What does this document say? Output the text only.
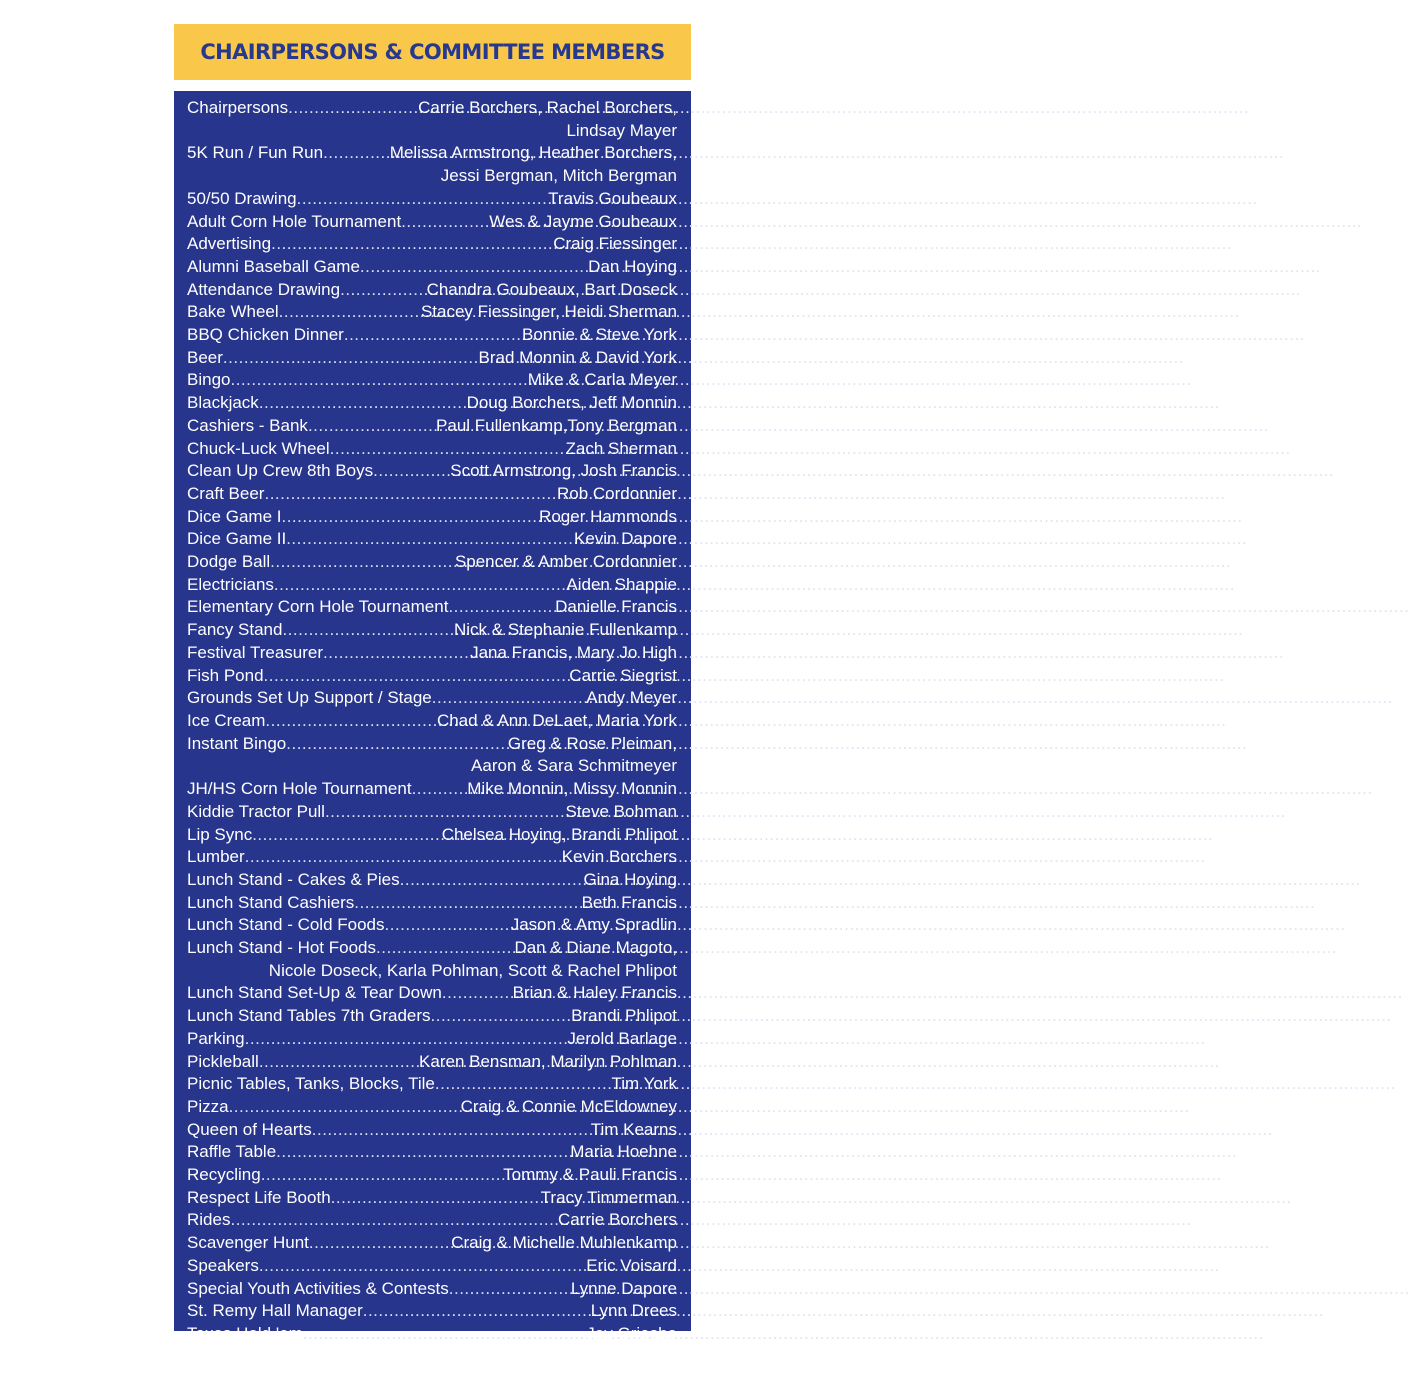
CHAIRPERSONS & COMMITTEE MEMBERS
Chairpersons .....	Carrie Borchers, Rachel Borchers,
Lindsay Mayer
5K Run / Fun Run .....	Melissa Armstrong, Heather Borchers,
Jessi Bergman, Mitch Bergman
50/50 Drawing .....	Travis Goubeaux
Adult Corn Hole Tournament .....	Wes & Jayme Goubeaux
Advertising .....	Craig Fiessinger
Alumni Baseball Game .....	Dan Hoying
Attendance Drawing .....	Chandra Goubeaux, Bart Doseck
Bake Wheel .....	Stacey Fiessinger, Heidi Sherman
BBQ Chicken Dinner .....	Bonnie & Steve York
Beer .....	Brad Monnin & David York
Bingo .....	Mike & Carla Meyer
Blackjack .....	Doug Borchers, Jeff Monnin
Cashiers - Bank .....	Paul Fullenkamp,Tony Bergman
Chuck-Luck Wheel .....	Zach Sherman
Clean Up Crew 8th Boys .....	Scott Armstrong, Josh Francis
Craft Beer .....	Rob Cordonnier
Dice Game I .....	Roger Hammonds
Dice Game II .....	Kevin Dapore
Dodge Ball .....	Spencer & Amber Cordonnier
Electricians .....	Aiden Shappie
Elementary Corn Hole Tournament .....	Danielle Francis
Fancy Stand .....	Nick & Stephanie Fullenkamp
Festival Treasurer .....	Jana Francis, Mary Jo High
Fish Pond .....	Carrie Siegrist
Grounds Set Up Support / Stage .....	Andy Meyer
Ice Cream .....	Chad & Ann DeLaet, Maria York
Instant Bingo .....	Greg & Rose Pleiman,
Aaron & Sara Schmitmeyer
JH/HS Corn Hole Tournament .....	Mike Monnin, Missy Monnin
Kiddie Tractor Pull .....	Steve Bohman
Lip Sync .....	Chelsea Hoying, Brandi Phlipot
Lumber .....	Kevin Borchers
Lunch Stand - Cakes & Pies .....	Gina Hoying
Lunch Stand Cashiers .....	Beth Francis
Lunch Stand - Cold Foods .....	Jason & Amy Spradlin
Lunch Stand - Hot Foods .....	Dan & Diane Magoto,
Nicole Doseck, Karla Pohlman, Scott & Rachel Phlipot
Lunch Stand Set-Up & Tear Down .....	Brian & Haley Francis
Lunch Stand Tables 7th Graders .....	Brandi Phlipot
Parking .....	Jerold Barlage
Pickleball .....	Karen Bensman, Marilyn Pohlman
Picnic Tables, Tanks, Blocks, Tile .....	Tim York
Pizza .....	Craig & Connie McEldowney
Queen of Hearts .....	Tim Kearns
Raffle Table .....	Maria Hoehne
Recycling .....	Tommy & Pauli Francis
Respect Life Booth .....	Tracy Timmerman
Rides .....	Carrie Borchers
Scavenger Hunt .....	Craig & Michelle Muhlenkamp
Speakers .....	Eric Voisard
Special Youth Activities & Contests .....	Lynne Dapore
St. Remy Hall Manager .....	Lynn Drees
Texas Hold 'em .....	Jay Griesho
